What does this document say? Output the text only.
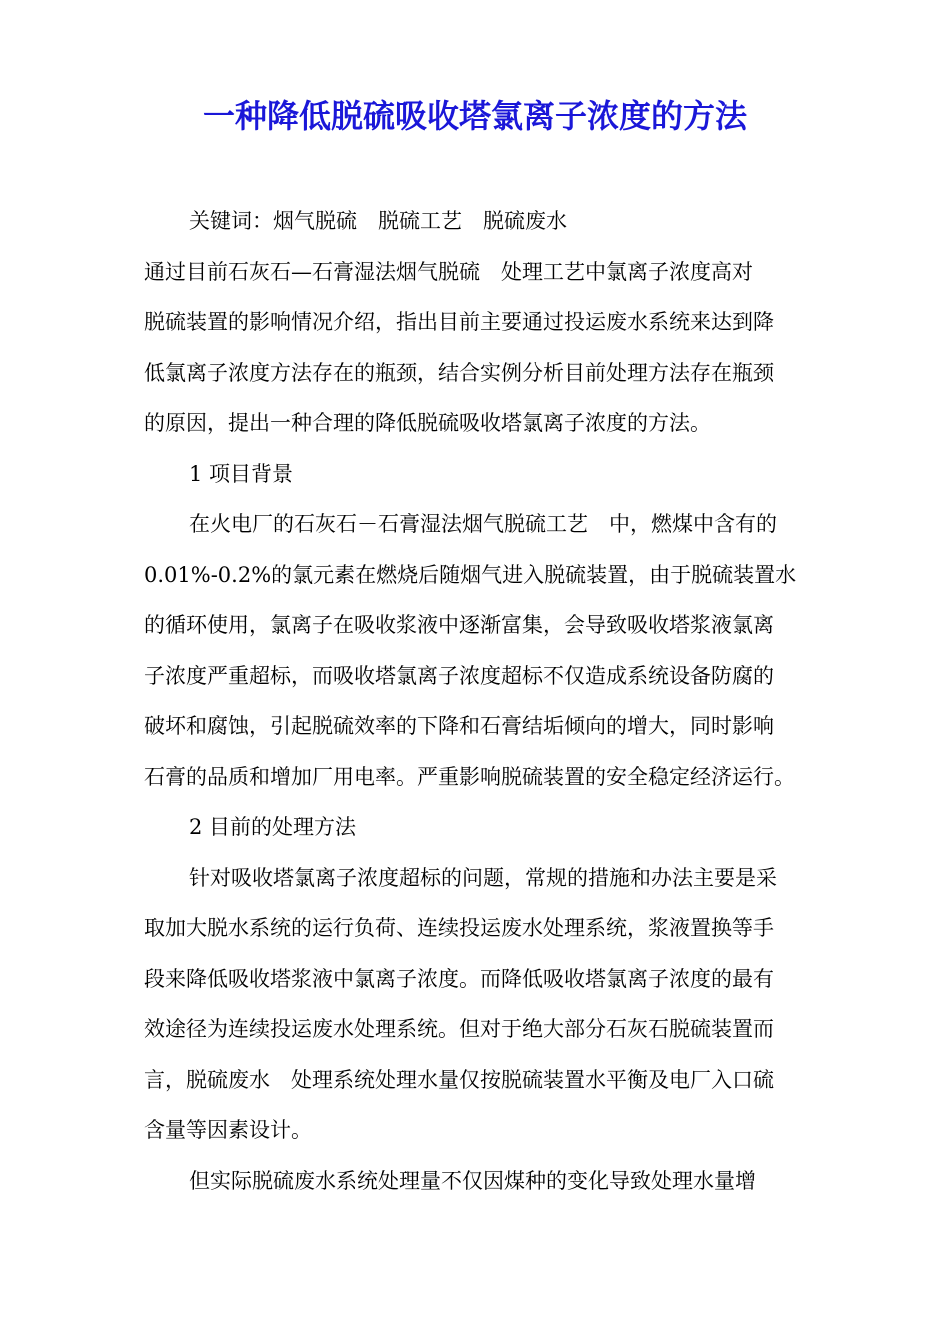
一种降低脱硫吸收塔氯离子浓度的方法
关键词：烟气脱硫　脱硫工艺　脱硫废水
通过目前石灰石—石膏湿法烟气脱硫　处理工艺中氯离子浓度高对
脱硫装置的影响情况介绍，指出目前主要通过投运废水系统来达到降
低氯离子浓度方法存在的瓶颈，结合实例分析目前处理方法存在瓶颈
的原因，提出一种合理的降低脱硫吸收塔氯离子浓度的方法。
1 项目背景
在火电厂的石灰石－石膏湿法烟气脱硫工艺　中，燃煤中含有的
0.01%-0.2%的氯元素在燃烧后随烟气进入脱硫装置，由于脱硫装置水
的循环使用，氯离子在吸收浆液中逐渐富集，会导致吸收塔浆液氯离
子浓度严重超标，而吸收塔氯离子浓度超标不仅造成系统设备防腐的
破坏和腐蚀，引起脱硫效率的下降和石膏结垢倾向的增大，同时影响
石膏的品质和增加厂用电率。严重影响脱硫装置的安全稳定经济运行。
2 目前的处理方法
针对吸收塔氯离子浓度超标的问题，常规的措施和办法主要是采
取加大脱水系统的运行负荷、连续投运废水处理系统，浆液置换等手
段来降低吸收塔浆液中氯离子浓度。而降低吸收塔氯离子浓度的最有
效途径为连续投运废水处理系统。但对于绝大部分石灰石脱硫装置而
言，脱硫废水　处理系统处理水量仅按脱硫装置水平衡及电厂入口硫
含量等因素设计。
但实际脱硫废水系统处理量不仅因煤种的变化导致处理水量增
